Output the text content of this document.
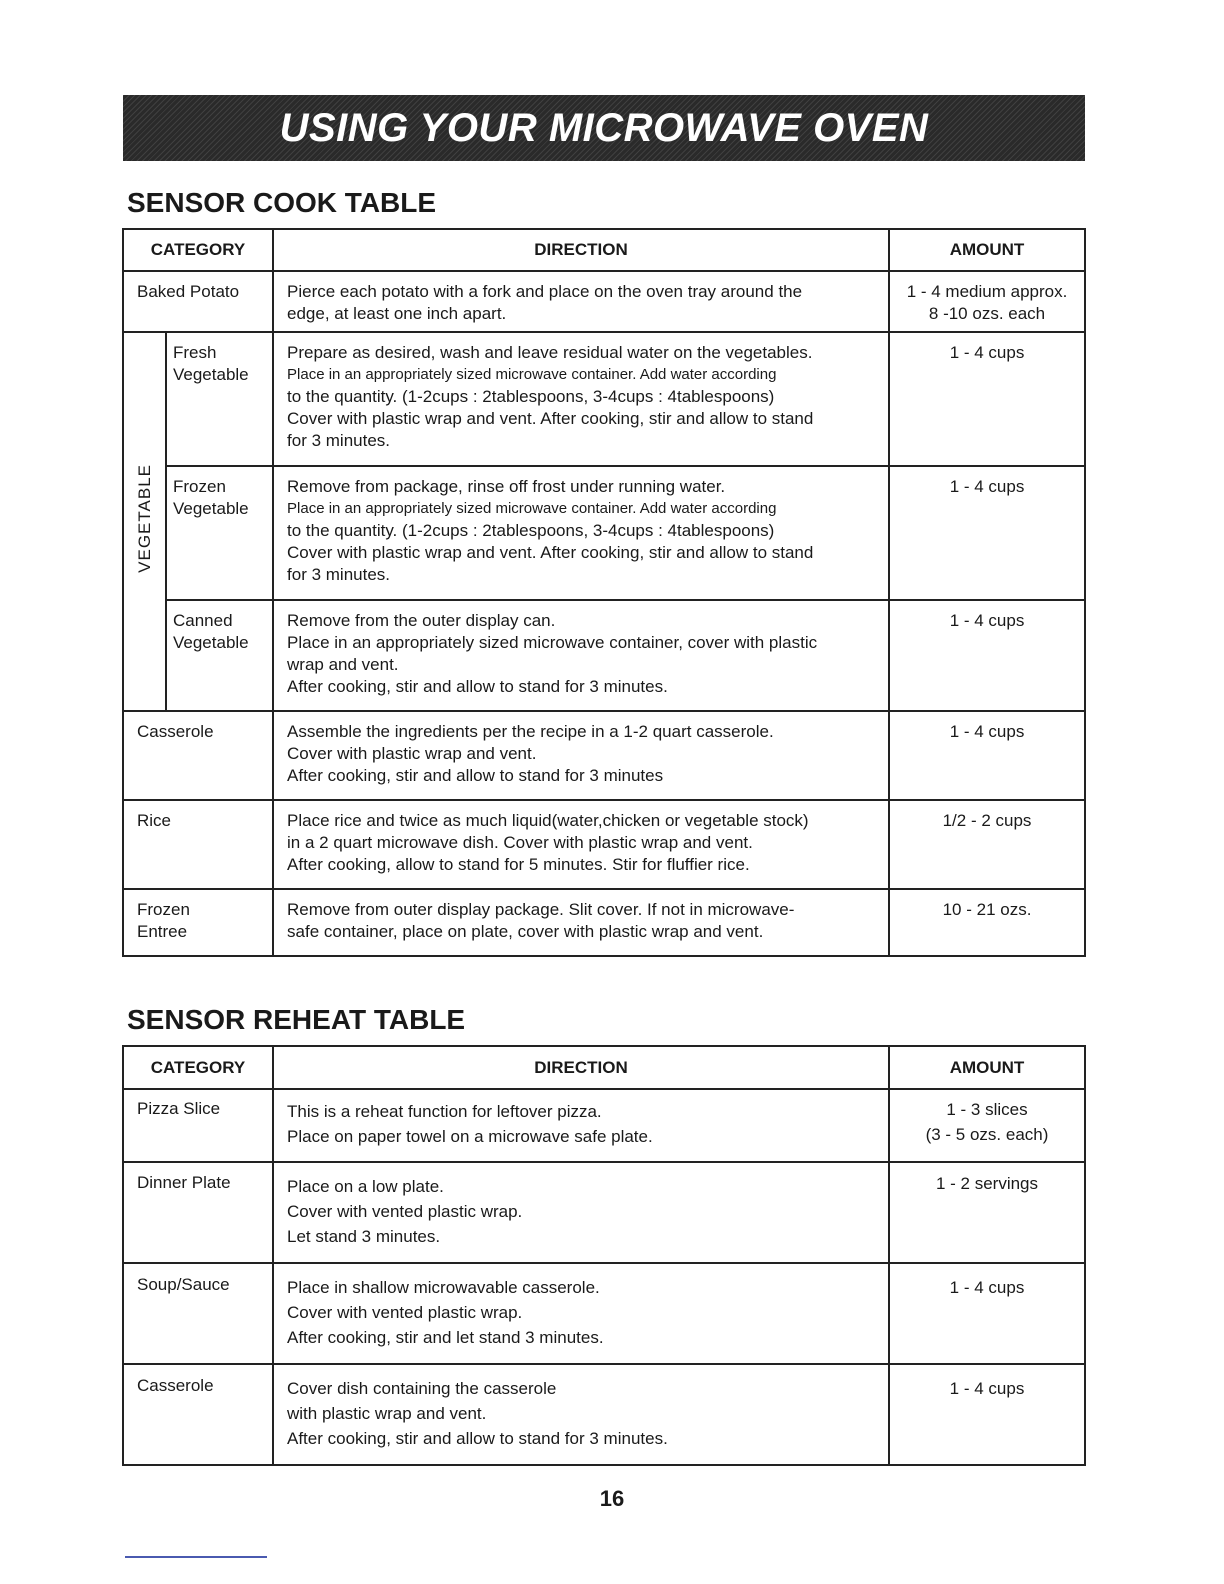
USING YOUR MICROWAVE OVEN
SENSOR COOK TABLE
CATEGORY		DIRECTION	AMOUNT
Baked Potato		Pierce each potato with a fork and place on the oven tray around the
edge, at least one inch apart.	1 - 4 medium approx.
8 -10 ozs. each

VEGETABLE	Fresh
Vegetable	Prepare as desired, wash and leave residual water on the vegetables.
Place in an appropriately sized microwave container. Add water according
to the quantity. (1-2cups : 2tablespoons, 3-4cups : 4tablespoons)
Cover with plastic wrap and vent. After cooking, stir and allow to stand
for 3 minutes.	1 - 4 cups

	Frozen
Vegetable	Remove from package, rinse off frost under running water.
Place in an appropriately sized microwave container. Add water according
to the quantity. (1-2cups : 2tablespoons, 3-4cups : 4tablespoons)
Cover with plastic wrap and vent. After cooking, stir and allow to stand
for 3 minutes.	1 - 4 cups

	Canned
Vegetable	Remove from the outer display can.
Place in an appropriately sized microwave container, cover with plastic
wrap and vent.
After cooking, stir and allow to stand for 3 minutes.	1 - 4 cups
Casserole		Assemble the ingredients per the recipe in a 1-2 quart casserole.
Cover with plastic wrap and vent.
After cooking, stir and allow to stand for 3 minutes	1 - 4 cups
Rice		Place rice and twice as much liquid(water,chicken or vegetable stock)
in a 2 quart microwave dish. Cover with plastic wrap and vent.
After cooking, allow to stand for 5 minutes. Stir for fluffier rice.	1/2 - 2 cups

Frozen
Entree		Remove from outer display package. Slit cover. If not in microwave-
safe container, place on plate, cover with plastic wrap and vent.	10 - 21 ozs.
SENSOR REHEAT TABLE
CATEGORY	DIRECTION	AMOUNT
Pizza Slice	This is a reheat function for leftover pizza.
Place on paper towel on a microwave safe plate.	1 - 3 slices
(3 - 5 ozs. each)

Dinner Plate	Place on a low plate.
Cover with vented plastic wrap.
Let stand 3 minutes.	1 - 2 servings
Soup/Sauce	Place in shallow microwavable casserole.
Cover with vented plastic wrap.
After cooking, stir and let stand 3 minutes.	1 - 4 cups
Casserole	Cover dish containing the casserole
with plastic wrap and vent.
After cooking, stir and allow to stand for 3 minutes.	1 - 4 cups
16
